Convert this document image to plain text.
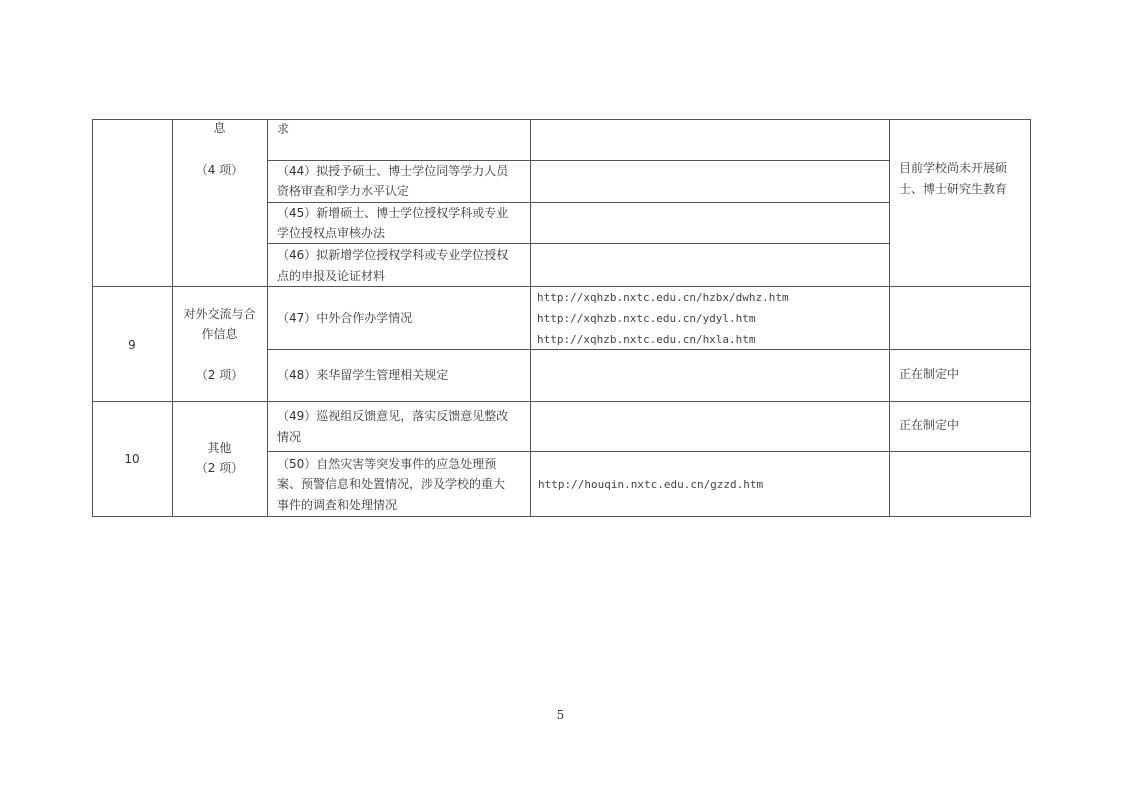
息
（4 项）
求
（44）拟授予硕士、博士学位同等学力人员
资格审查和学力水平认定
（45）新增硕士、博士学位授权学科或专业
学位授权点审核办法
（46）拟新增学位授权学科或专业学位授权
点的申报及论证材料
目前学校尚未开展硕
士、博士研究生教育
9
对外交流与合
作信息
（2 项）
（47）中外合作办学情况
http://xqhzb.nxtc.edu.cn/hzbx/dwhz.htm
http://xqhzb.nxtc.edu.cn/ydyl.htm
http://xqhzb.nxtc.edu.cn/hxla.htm
（48）来华留学生管理相关规定	正在制定中
10
其他
（2 项）
（49）巡视组反馈意见，落实反馈意见整改
情况
正在制定中
（50）自然灾害等突发事件的应急处理预
案、预警信息和处置情况，涉及学校的重大
事件的调查和处理情况
http://houqin.nxtc.edu.cn/gzzd.htm
5
